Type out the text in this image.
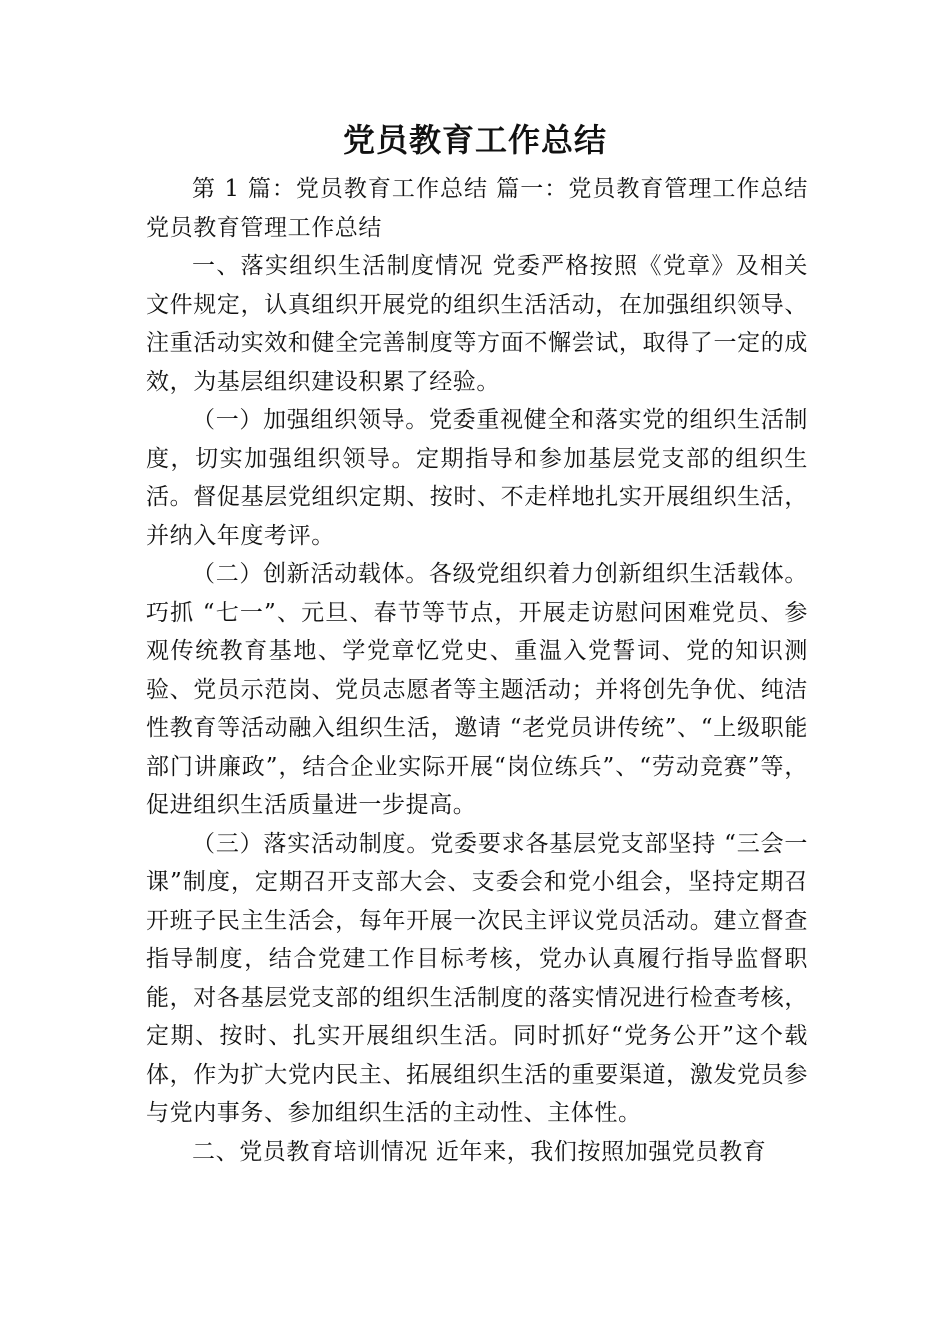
党员教育工作总结

第 1 篇：党员教育工作总结 篇一：党员教育管理工作总结 党员教育管理工作总结

一、落实组织生活制度情况 党委严格按照《党章》及相关文件规定，认真组织开展党的组织生活活动，在加强组织领导、注重活动实效和健全完善制度等方面不懈尝试，取得了一定的成效，为基层组织建设积累了经验。

（一）加强组织领导。党委重视健全和落实党的组织生活制度，切实加强组织领导。定期指导和参加基层党支部的组织生活。督促基层党组织定期、按时、不走样地扎实开展组织生活，并纳入年度考评。

（二）创新活动载体。各级党组织着力创新组织生活载体。巧抓 “七一”、元旦、春节等节点，开展走访慰问困难党员、参观传统教育基地、学党章忆党史、重温入党誓词、党的知识测验、党员示范岗、党员志愿者等主题活动；并将创先争优、纯洁性教育等活动融入组织生活，邀请 “老党员讲传统”、“上级职能部门讲廉政”，结合企业实际开展“岗位练兵”、“劳动竞赛”等，促进组织生活质量进一步提高。

（三）落实活动制度。党委要求各基层党支部坚持 “三会一课”制度，定期召开支部大会、支委会和党小组会，坚持定期召开班子民主生活会，每年开展一次民主评议党员活动。建立督查指导制度，结合党建工作目标考核，党办认真履行指导监督职能，对各基层党支部的组织生活制度的落实情况进行检查考核，定期、按时、扎实开展组织生活。同时抓好“党务公开”这个载体，作为扩大党内民主、拓展组织生活的重要渠道，激发党员参与党内事务、参加组织生活的主动性、主体性。

二、党员教育培训情况 近年来，我们按照加强党员教育
